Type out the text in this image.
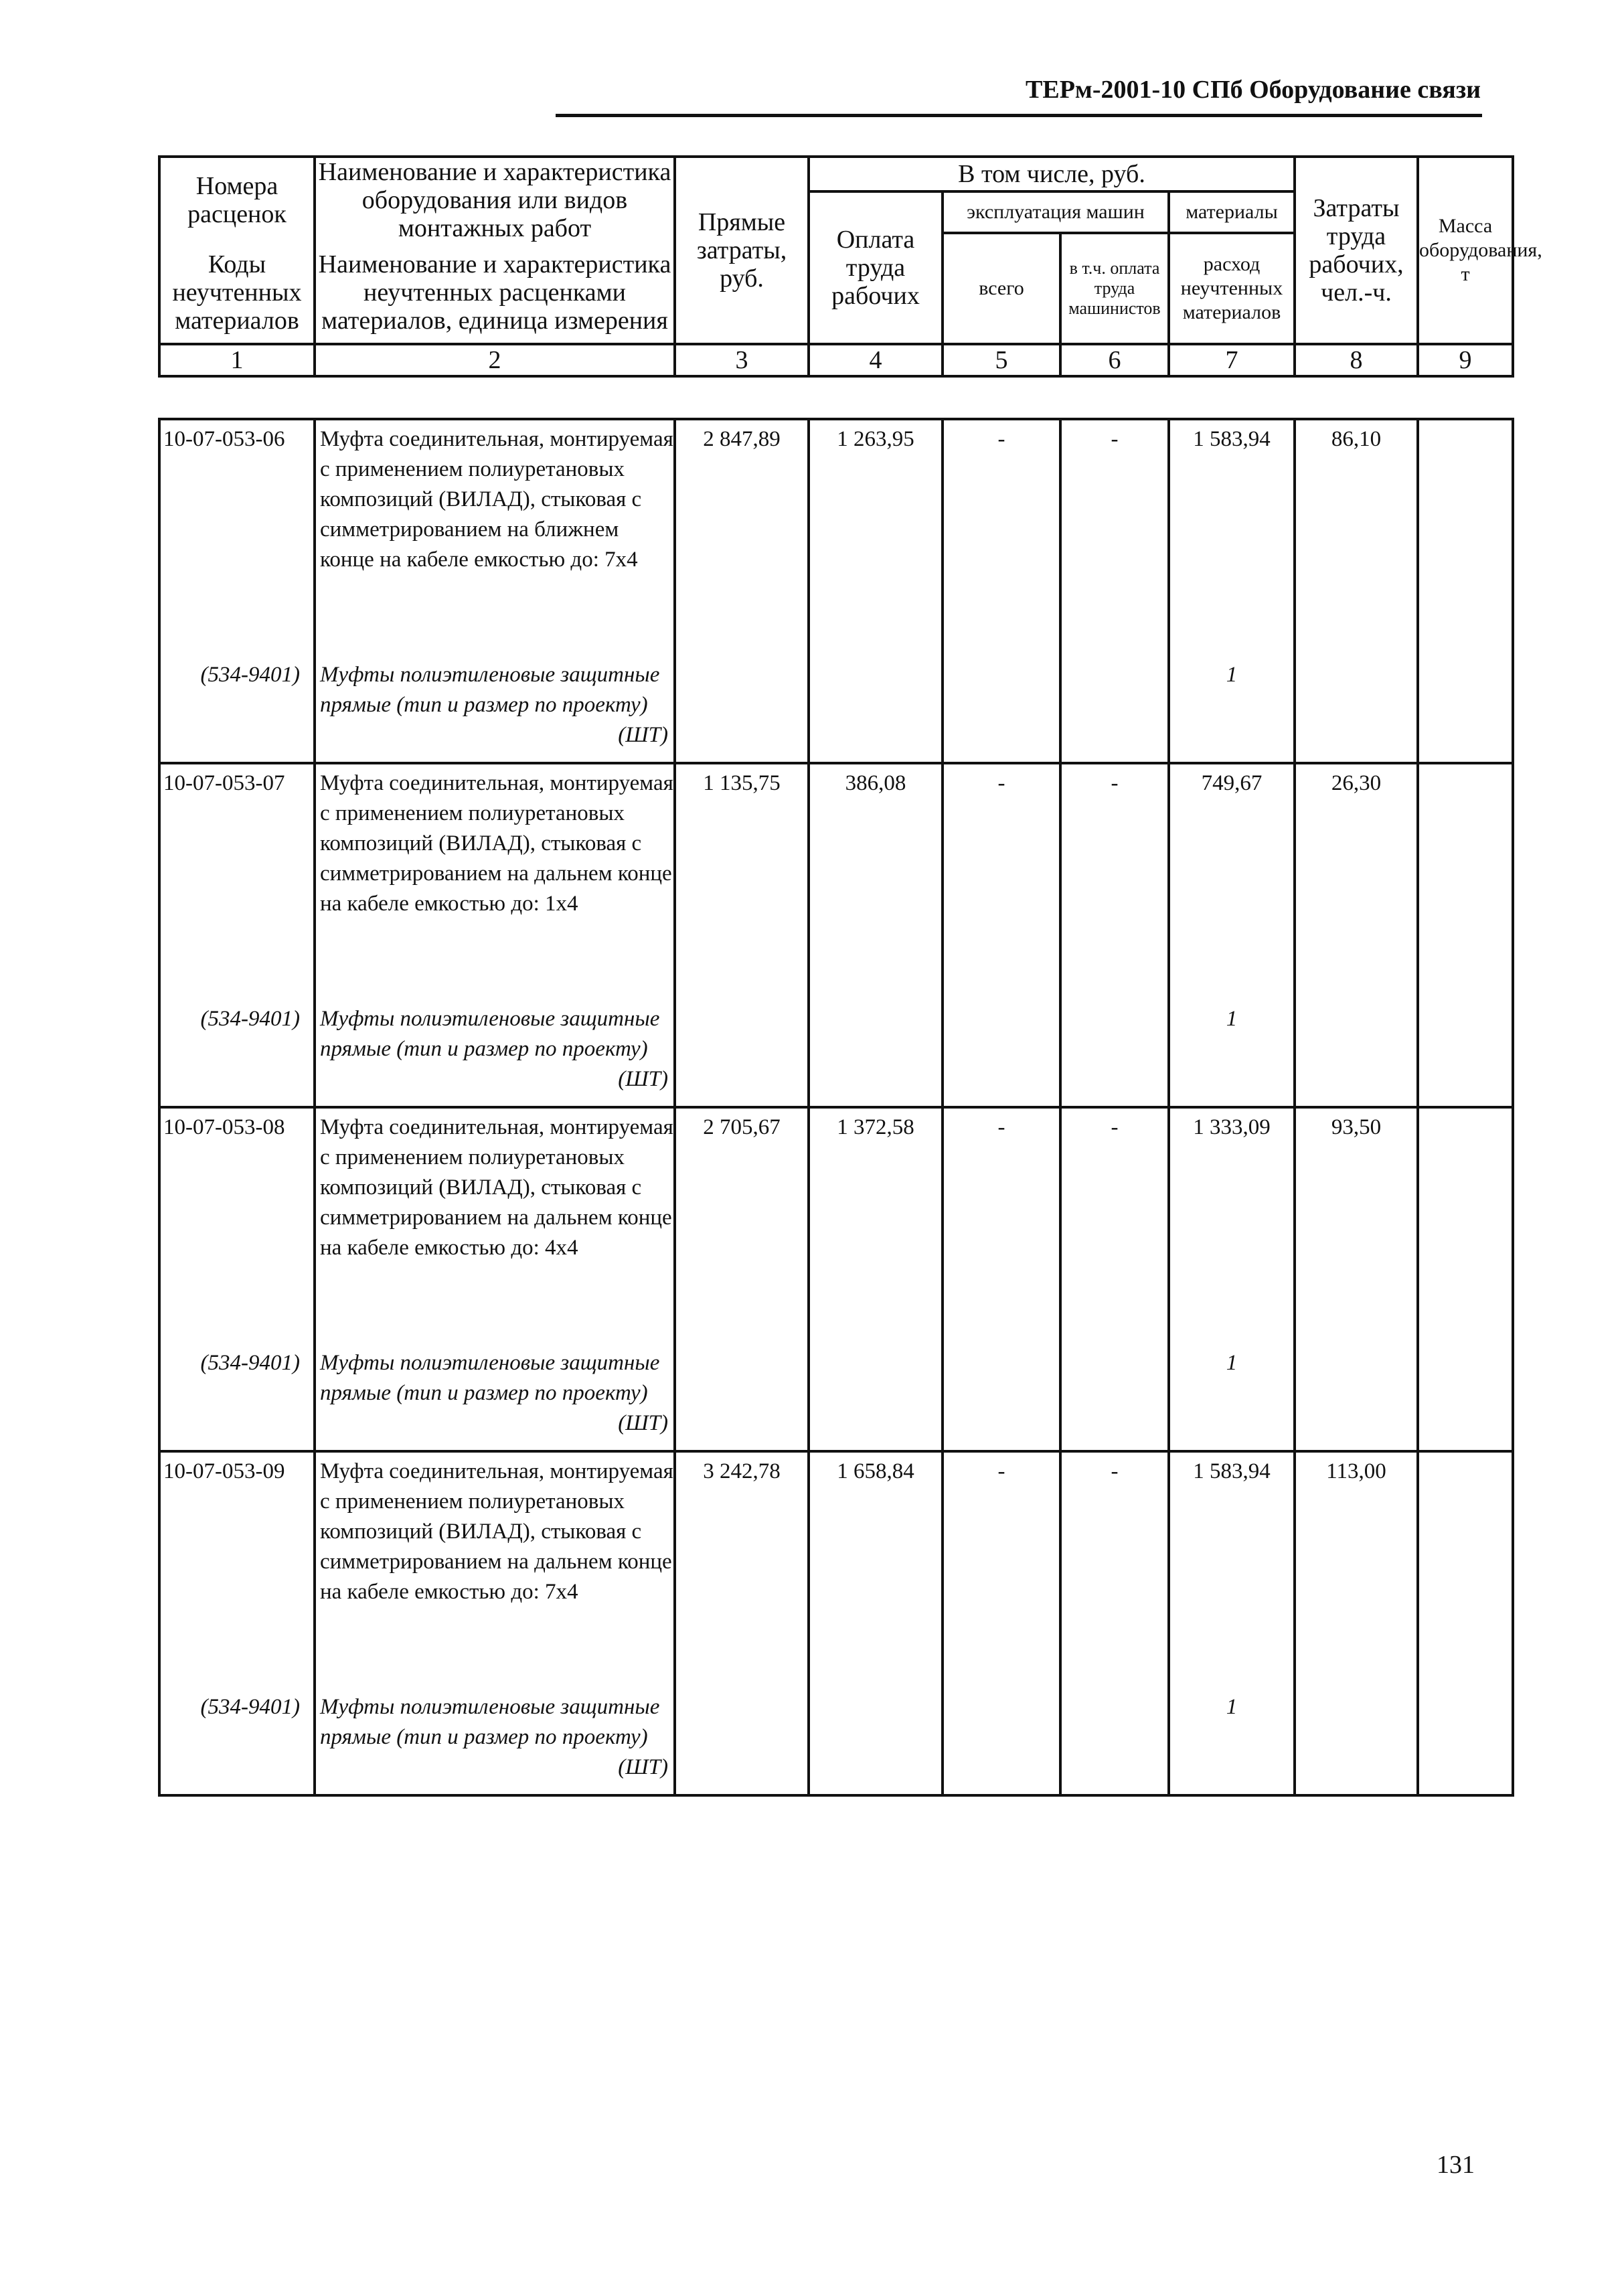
ТЕРм-2001-10 СПб Оборудование связи
Номера расценок	Наименование и характеристика оборудования или видов монтажных работ	Прямые затраты, руб.	В том числе, руб.				Затраты труда рабочих, чел.-ч.	Масса оборудования, т
			Оплата труда рабочих	эксплуатация машин		материалы		
				всего	в т.ч. оплата труда машинистов	расход неучтенных материалов		
Коды неучтенных материалов	Наименование и характеристика неучтенных расценками материалов, единица измерения							

1	2	3	4	5	6	7	8	9
10-07-053-06	Муфта соединительная, монтируемая с применением полиуретановых композиций (ВИЛАД), стыковая с симметрированием на ближнем конце на кабеле емкостью до: 7х4	2 847,89	1 263,95	-	-	1 583,94	86,10	
(534-9401)	Муфты полиэтиленовые защитные прямые (тип и размер по проекту)
(ШТ)					1		
10-07-053-07	Муфта соединительная, монтируемая с применением полиуретановых композиций (ВИЛАД), стыковая с симметрированием на дальнем конце на кабеле емкостью до: 1х4	1 135,75	386,08	-	-	749,67	26,30	
(534-9401)	Муфты полиэтиленовые защитные прямые (тип и размер по проекту)
(ШТ)					1		
10-07-053-08	Муфта соединительная, монтируемая с применением полиуретановых композиций (ВИЛАД), стыковая с симметрированием на дальнем конце на кабеле емкостью до: 4х4	2 705,67	1 372,58	-	-	1 333,09	93,50	
(534-9401)	Муфты полиэтиленовые защитные прямые (тип и размер по проекту)
(ШТ)					1		
10-07-053-09	Муфта соединительная, монтируемая с применением полиуретановых композиций (ВИЛАД), стыковая с симметрированием на дальнем конце на кабеле емкостью до: 7х4	3 242,78	1 658,84	-	-	1 583,94	113,00	
(534-9401)	Муфты полиэтиленовые защитные прямые (тип и размер по проекту)
(ШТ)					1		
131
